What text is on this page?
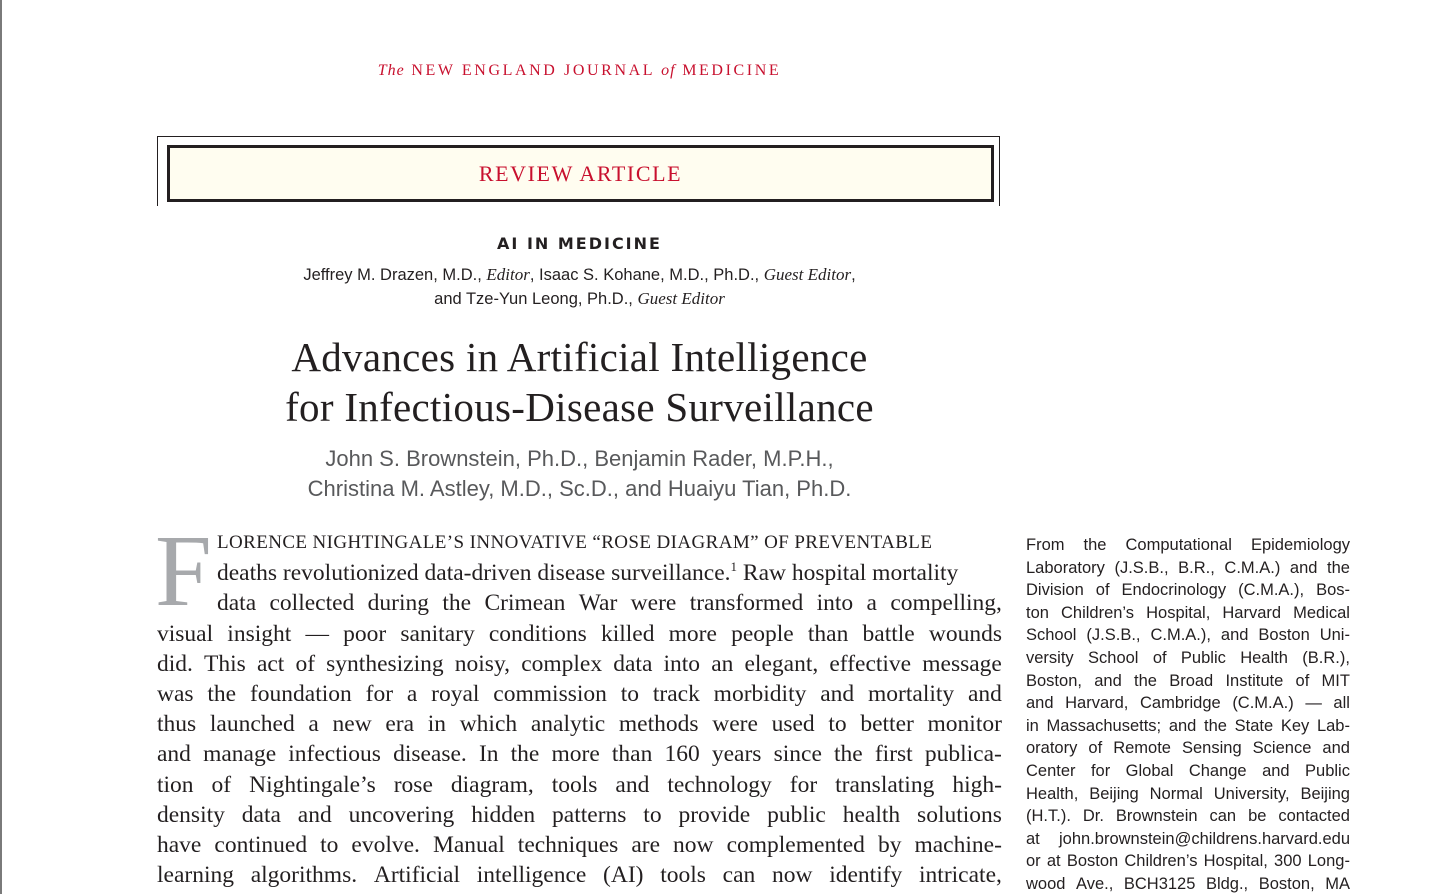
The NEW ENGLAND JOURNAL of MEDICINE
REVIEW ARTICLE
AI IN MEDICINE
Jeffrey M. Drazen, M.D., Editor, Isaac S. Kohane, M.D., Ph.D., Guest Editor,
and Tze-Yun Leong, Ph.D., Guest Editor
Advances in Artificial Intelligence
for Infectious-Disease Surveillance
John S. Brownstein, Ph.D., Benjamin Rader, M.P.H.,
Christina M. Astley, M.D., Sc.D., and Huaiyu Tian, Ph.D.
F LORENCE NIGHTINGALE’S INNOVATIVE “ROSE DIAGRAM” OF PREVENTABLE
deaths revolutionized data-driven disease surveillance.$^1$ Raw hospital mortality
data collected during the Crimean War were transformed into a compelling,
visual insight — poor sanitary conditions killed more people than battle wounds
did. This act of synthesizing noisy, complex data into an elegant, effective message
was the foundation for a royal commission to track morbidity and mortality and
thus launched a new era in which analytic methods were used to better monitor
and manage infectious disease. In the more than 160 years since the first publica-
tion of Nightingale’s rose diagram, tools and technology for translating high-
density data and uncovering hidden patterns to provide public health solutions
have continued to evolve. Manual techniques are now complemented by machine-
learning algorithms. Artificial intelligence (AI) tools can now identify intricate,
From the Computational Epidemiology
Laboratory (J.S.B., B.R., C.M.A.) and the
Division of Endocrinology (C.M.A.), Bos-
ton Children’s Hospital, Harvard Medical
School (J.S.B., C.M.A.), and Boston Uni-
versity School of Public Health (B.R.),
Boston, and the Broad Institute of MIT
and Harvard, Cambridge (C.M.A.) — all
in Massachusetts; and the State Key Lab-
oratory of Remote Sensing Science and
Center for Global Change and Public
Health, Beijing Normal University, Beijing
(H.T.). Dr. Brownstein can be contacted
at john.brownstein@childrens.harvard.edu
or at Boston Children’s Hospital, 300 Long-
wood Ave., BCH3125 Bldg., Boston, MA
